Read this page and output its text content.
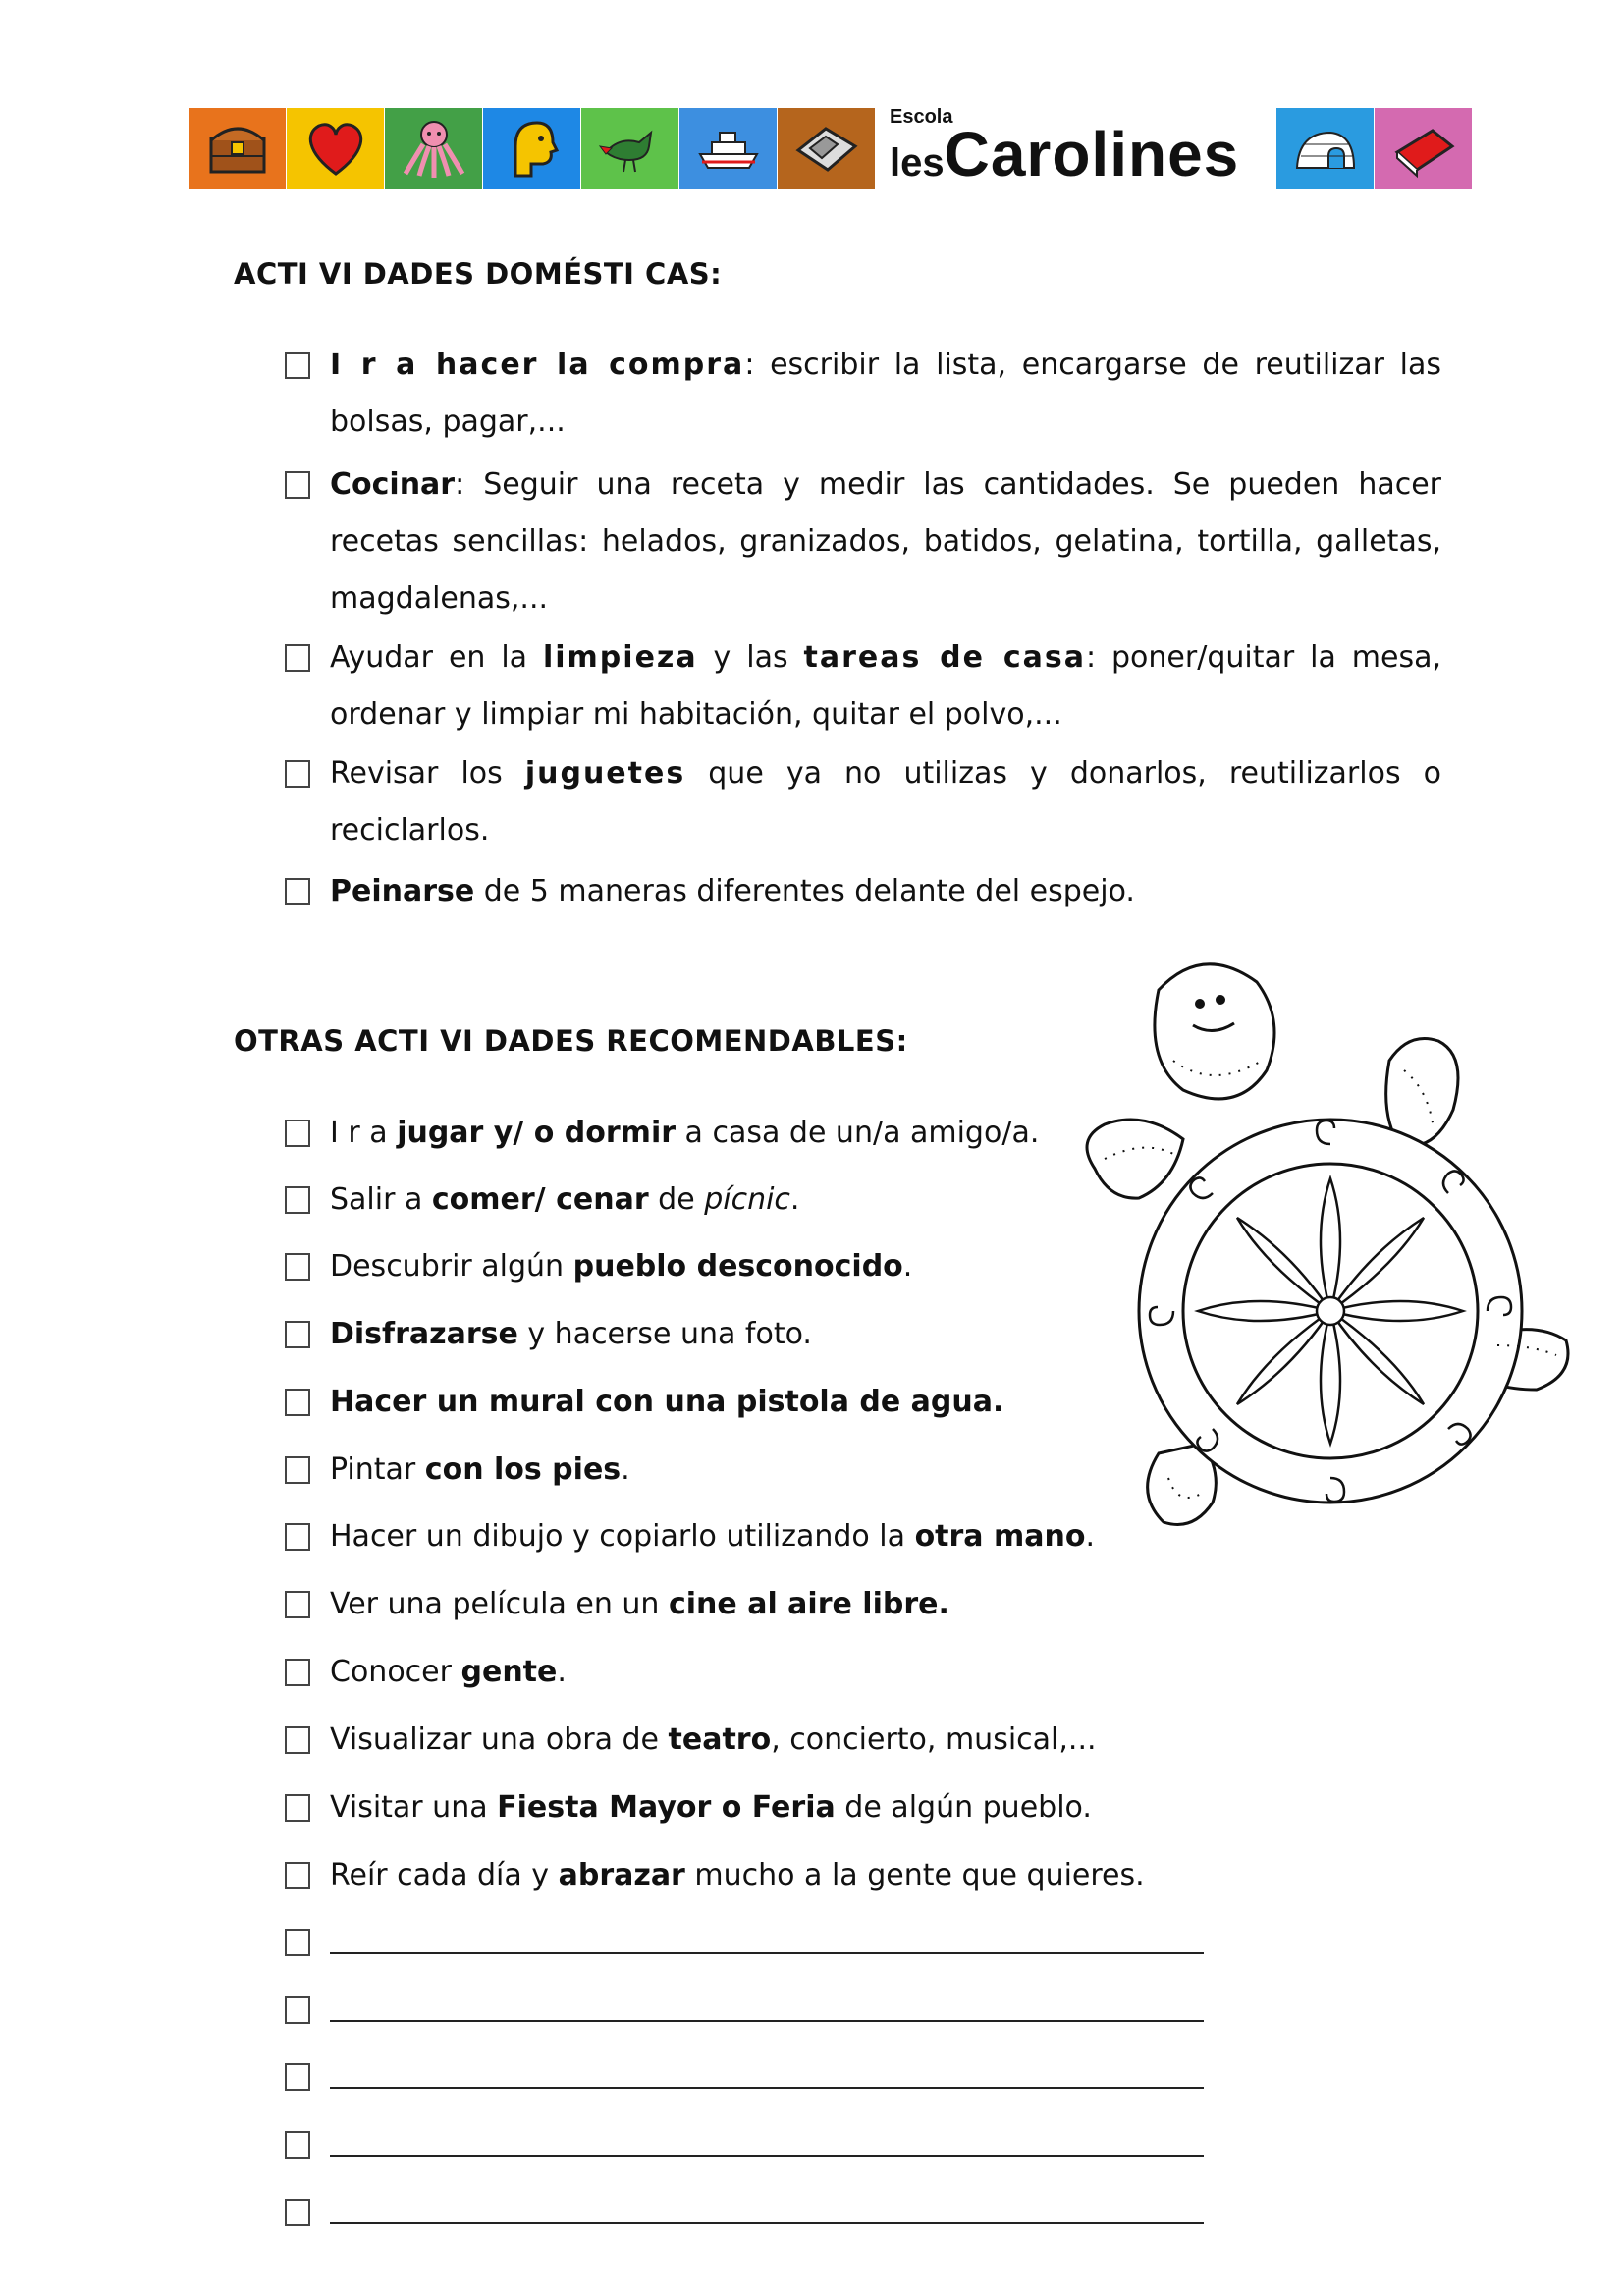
Escola
lesCarolines
ACTI VI DADES DOMÉSTI CAS:
I r a hacer la compra: escribir la lista, encargarse de reutilizar las bolsas, pagar,...
Cocinar: Seguir una receta y medir las cantidades. Se pueden hacer recetas sencillas: helados, granizados, batidos, gelatina, tortilla, galletas, magdalenas,...
Ayudar en la limpieza y las tareas de casa: poner/quitar la mesa, ordenar y limpiar mi habitación, quitar el polvo,...
Revisar los juguetes que ya no utilizas y donarlos, reutilizarlos o reciclarlos.
Peinarse de 5 maneras diferentes delante del espejo.
OTRAS ACTI VI DADES RECOMENDABLES:
I r a jugar y/ o dormir a casa de un/a amigo/a.
Salir a comer/ cenar de pícnic.
Descubrir algún pueblo desconocido.
Disfrazarse y hacerse una foto.
Hacer un mural con una pistola de agua.
Pintar con los pies.
Hacer un dibujo y copiarlo utilizando la otra mano.
Ver una película en un cine al aire libre.
Conocer gente.
Visualizar una obra de teatro, concierto, musical,...
Visitar una Fiesta Mayor o Feria de algún pueblo.
Reír cada día y abrazar mucho a la gente que quieres.
